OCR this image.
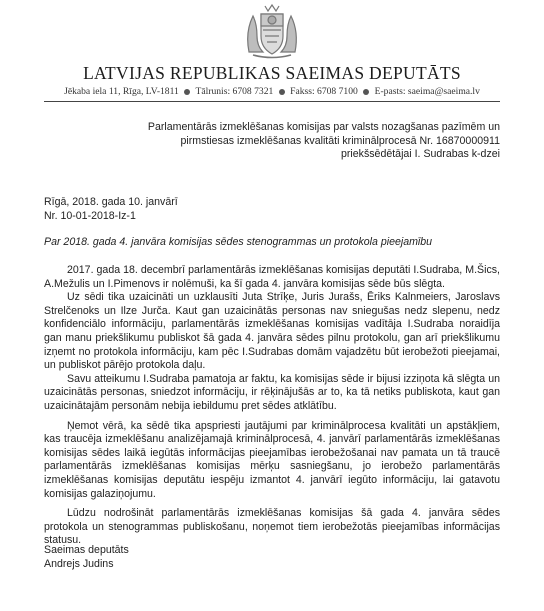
LATVIJAS REPUBLIKAS SAEIMAS DEPUTĀTS
Jēkaba iela 11, Rīga, LV-1811 Tālrunis: 6708 7321 Fakss: 6708 7100 E-pasts: saeima@saeima.lv
Parlamentārās izmeklēšanas komisijas par valsts nozagšanas pazīmēm un
pirmstiesas izmeklēšanas kvalitāti kriminālprocesā Nr. 16870000911
priekšsēdētājai I. Sudrabas k-dzei
Rīgā, 2018. gada 10. janvārī
Nr. 10-01-2018-Iz-1
Par 2018. gada 4. janvāra komisijas sēdes stenogrammas un protokola pieejamību

2017. gada 18. decembrī parlamentārās izmeklēšanas komisijas deputāti I.Sudraba, M.Šics, A.Mežulis un I.Pimenovs ir nolēmuši, ka šī gada 4. janvāra komisijas sēde būs slēgta.

Uz sēdi tika uzaicināti un uzklausīti Juta Strīķe, Juris Jurašs, Ēriks Kalnmeiers, Jaroslavs Strelčenoks un Ilze Jurča. Kaut gan uzaicinātās personas nav sniegušas nedz slepenu, nedz konfidenciālo informāciju, parlamentārās izmeklēšanas komisijas vadītāja I.Sudraba noraidīja gan manu priekšlikumu publiskot šā gada 4. janvāra sēdes pilnu protokolu, gan arī priekšlikumu izņemt no protokola informāciju, kam pēc I.Sudrabas domām vajadzētu būt ierobežoti pieejamai, un publiskot pārējo protokola daļu.

Savu atteikumu I.Sudraba pamatoja ar faktu, ka komisijas sēde ir bijusi izziņota kā slēgta un uzaicinātās personas, sniedzot informāciju, ir rēķinājušās ar to, ka tā netiks publiskota, kaut gan uzaicinātajām personām nebija iebildumu pret sēdes atklātību.

Ņemot vērā, ka sēdē tika apspriesti jautājumi par kriminālprocesa kvalitāti un apstākļiem, kas traucēja izmeklēšanu analizējamajā kriminālprocesā, 4. janvārī parlamentārās izmeklēšanas komisijas sēdes laikā iegūtās informācijas pieejamības ierobežošanai nav pamata un tā traucē parlamentārās izmeklēšanas komisijas mērķu sasniegšanu, jo ierobežo parlamentārās izmeklēšanas komisijas deputātu iespēju izmantot 4. janvārī iegūto informāciju, lai gatavotu komisijas galaziņojumu.

Lūdzu nodrošināt parlamentārās izmeklēšanas komisijas šā gada 4. janvāra sēdes protokola un stenogrammas publiskošanu, noņemot tiem ierobežotās pieejamības informācijas statusu.

Saeimas deputāts
Andrejs Judins
